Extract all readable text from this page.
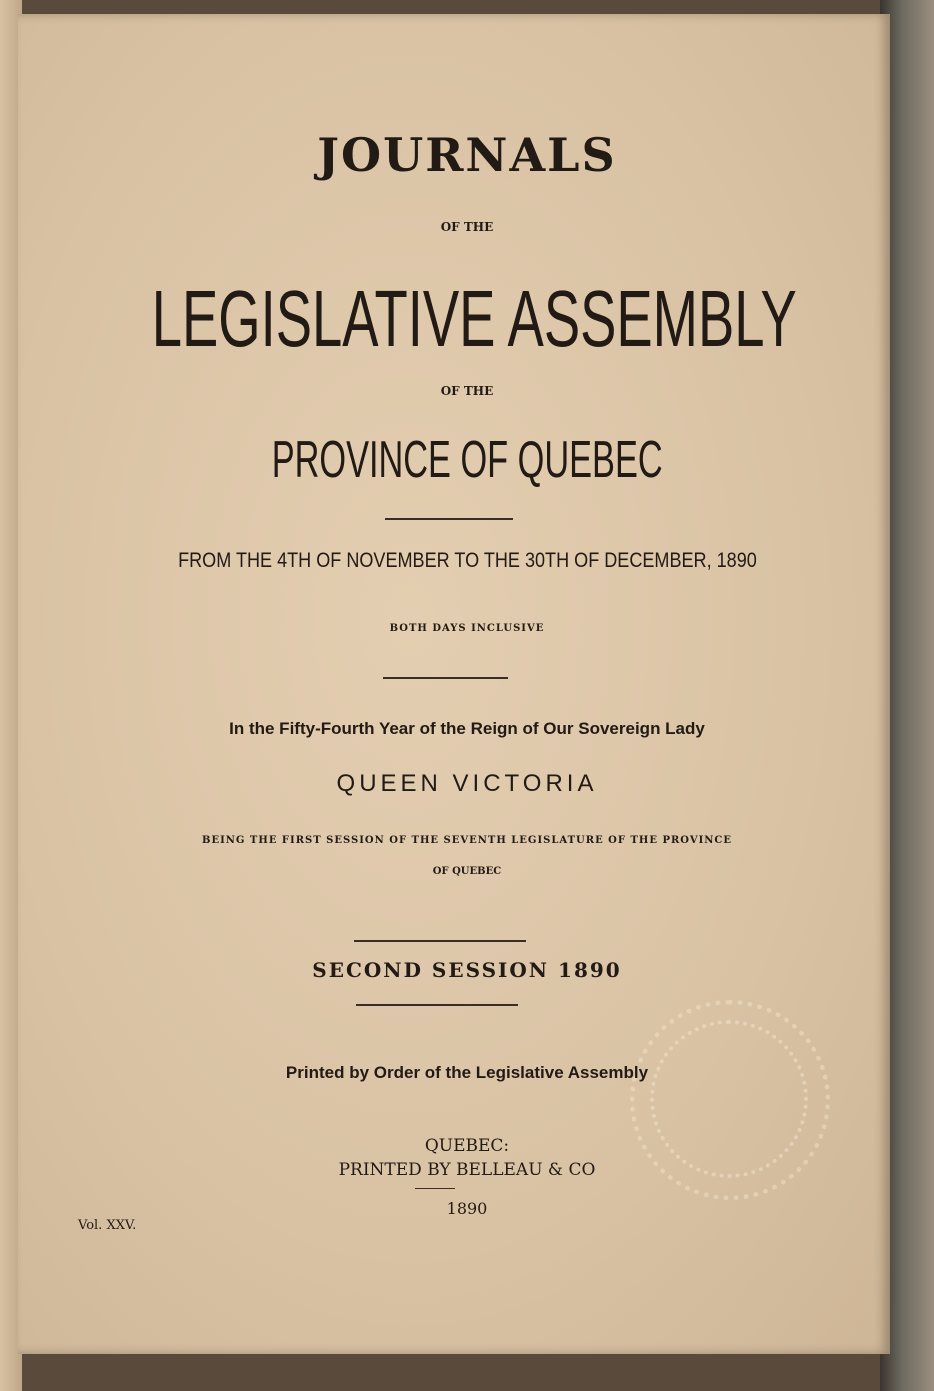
JOURNALS
OF THE
LEGISLATIVE ASSEMBLY
OF THE
PROVINCE OF QUEBEC
FROM THE 4TH OF NOVEMBER TO THE 30TH OF DECEMBER, 1890
BOTH DAYS INCLUSIVE
In the Fifty-Fourth Year of the Reign of Our Sovereign Lady
QUEEN VICTORIA
BEING THE FIRST SESSION OF THE SEVENTH LEGISLATURE OF THE PROVINCE
OF QUEBEC
SECOND SESSION 1890
Printed by Order of the Legislative Assembly
QUEBEC:
PRINTED BY BELLEAU & CO
1890
Vol. XXV.
